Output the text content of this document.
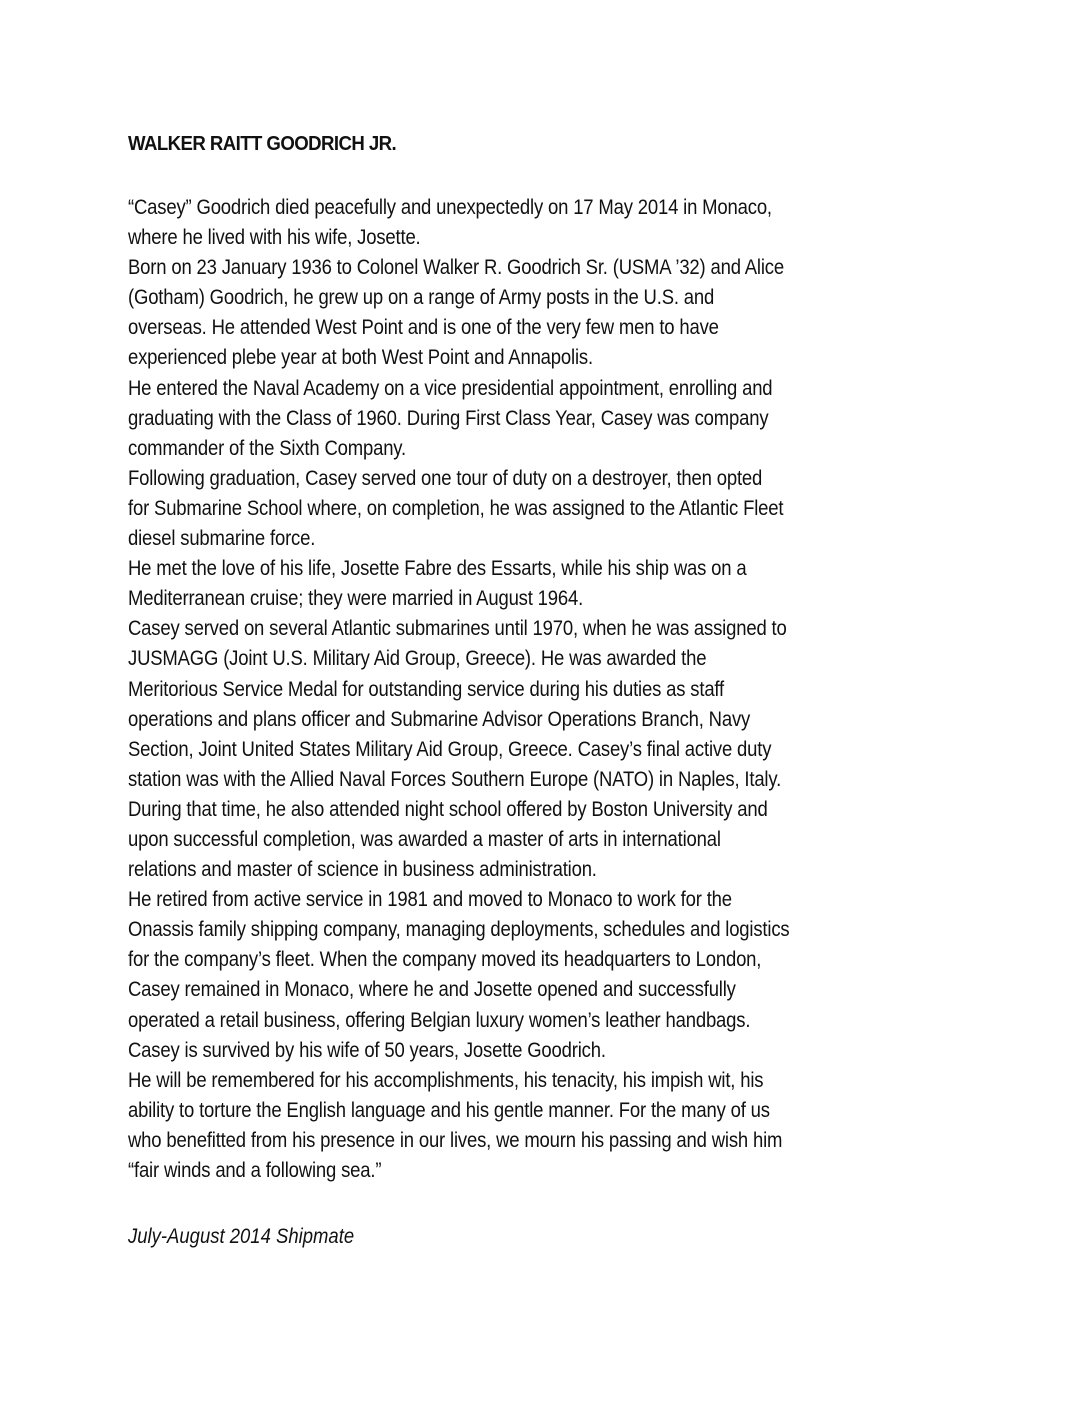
WALKER RAITT GOODRICH JR.
“Casey” Goodrich died peacefully and unexpectedly on 17 May 2014 in Monaco,
where he lived with his wife, Josette.
Born on 23 January 1936 to Colonel Walker R. Goodrich Sr. (USMA ’32) and Alice
(Gotham) Goodrich, he grew up on a range of Army posts in the U.S. and
overseas. He attended West Point and is one of the very few men to have
experienced plebe year at both West Point and Annapolis.
He entered the Naval Academy on a vice presidential appointment, enrolling and
graduating with the Class of 1960. During First Class Year, Casey was company
commander of the Sixth Company.
Following graduation, Casey served one tour of duty on a destroyer, then opted
for Submarine School where, on completion, he was assigned to the Atlantic Fleet
diesel submarine force.
He met the love of his life, Josette Fabre des Essarts, while his ship was on a
Mediterranean cruise; they were married in August 1964.
Casey served on several Atlantic submarines until 1970, when he was assigned to
JUSMAGG (Joint U.S. Military Aid Group, Greece). He was awarded the
Meritorious Service Medal for outstanding service during his duties as staff
operations and plans officer and Submarine Advisor Operations Branch, Navy
Section, Joint United States Military Aid Group, Greece. Casey’s final active duty
station was with the Allied Naval Forces Southern Europe (NATO) in Naples, Italy.
During that time, he also attended night school offered by Boston University and
upon successful completion, was awarded a master of arts in international
relations and master of science in business administration.
He retired from active service in 1981 and moved to Monaco to work for the
Onassis family shipping company, managing deployments, schedules and logistics
for the company’s fleet. When the company moved its headquarters to London,
Casey remained in Monaco, where he and Josette opened and successfully
operated a retail business, offering Belgian luxury women’s leather handbags.
Casey is survived by his wife of 50 years, Josette Goodrich.
He will be remembered for his accomplishments, his tenacity, his impish wit, his
ability to torture the English language and his gentle manner. For the many of us
who benefitted from his presence in our lives, we mourn his passing and wish him
“fair winds and a following sea.”
July-August 2014 Shipmate
